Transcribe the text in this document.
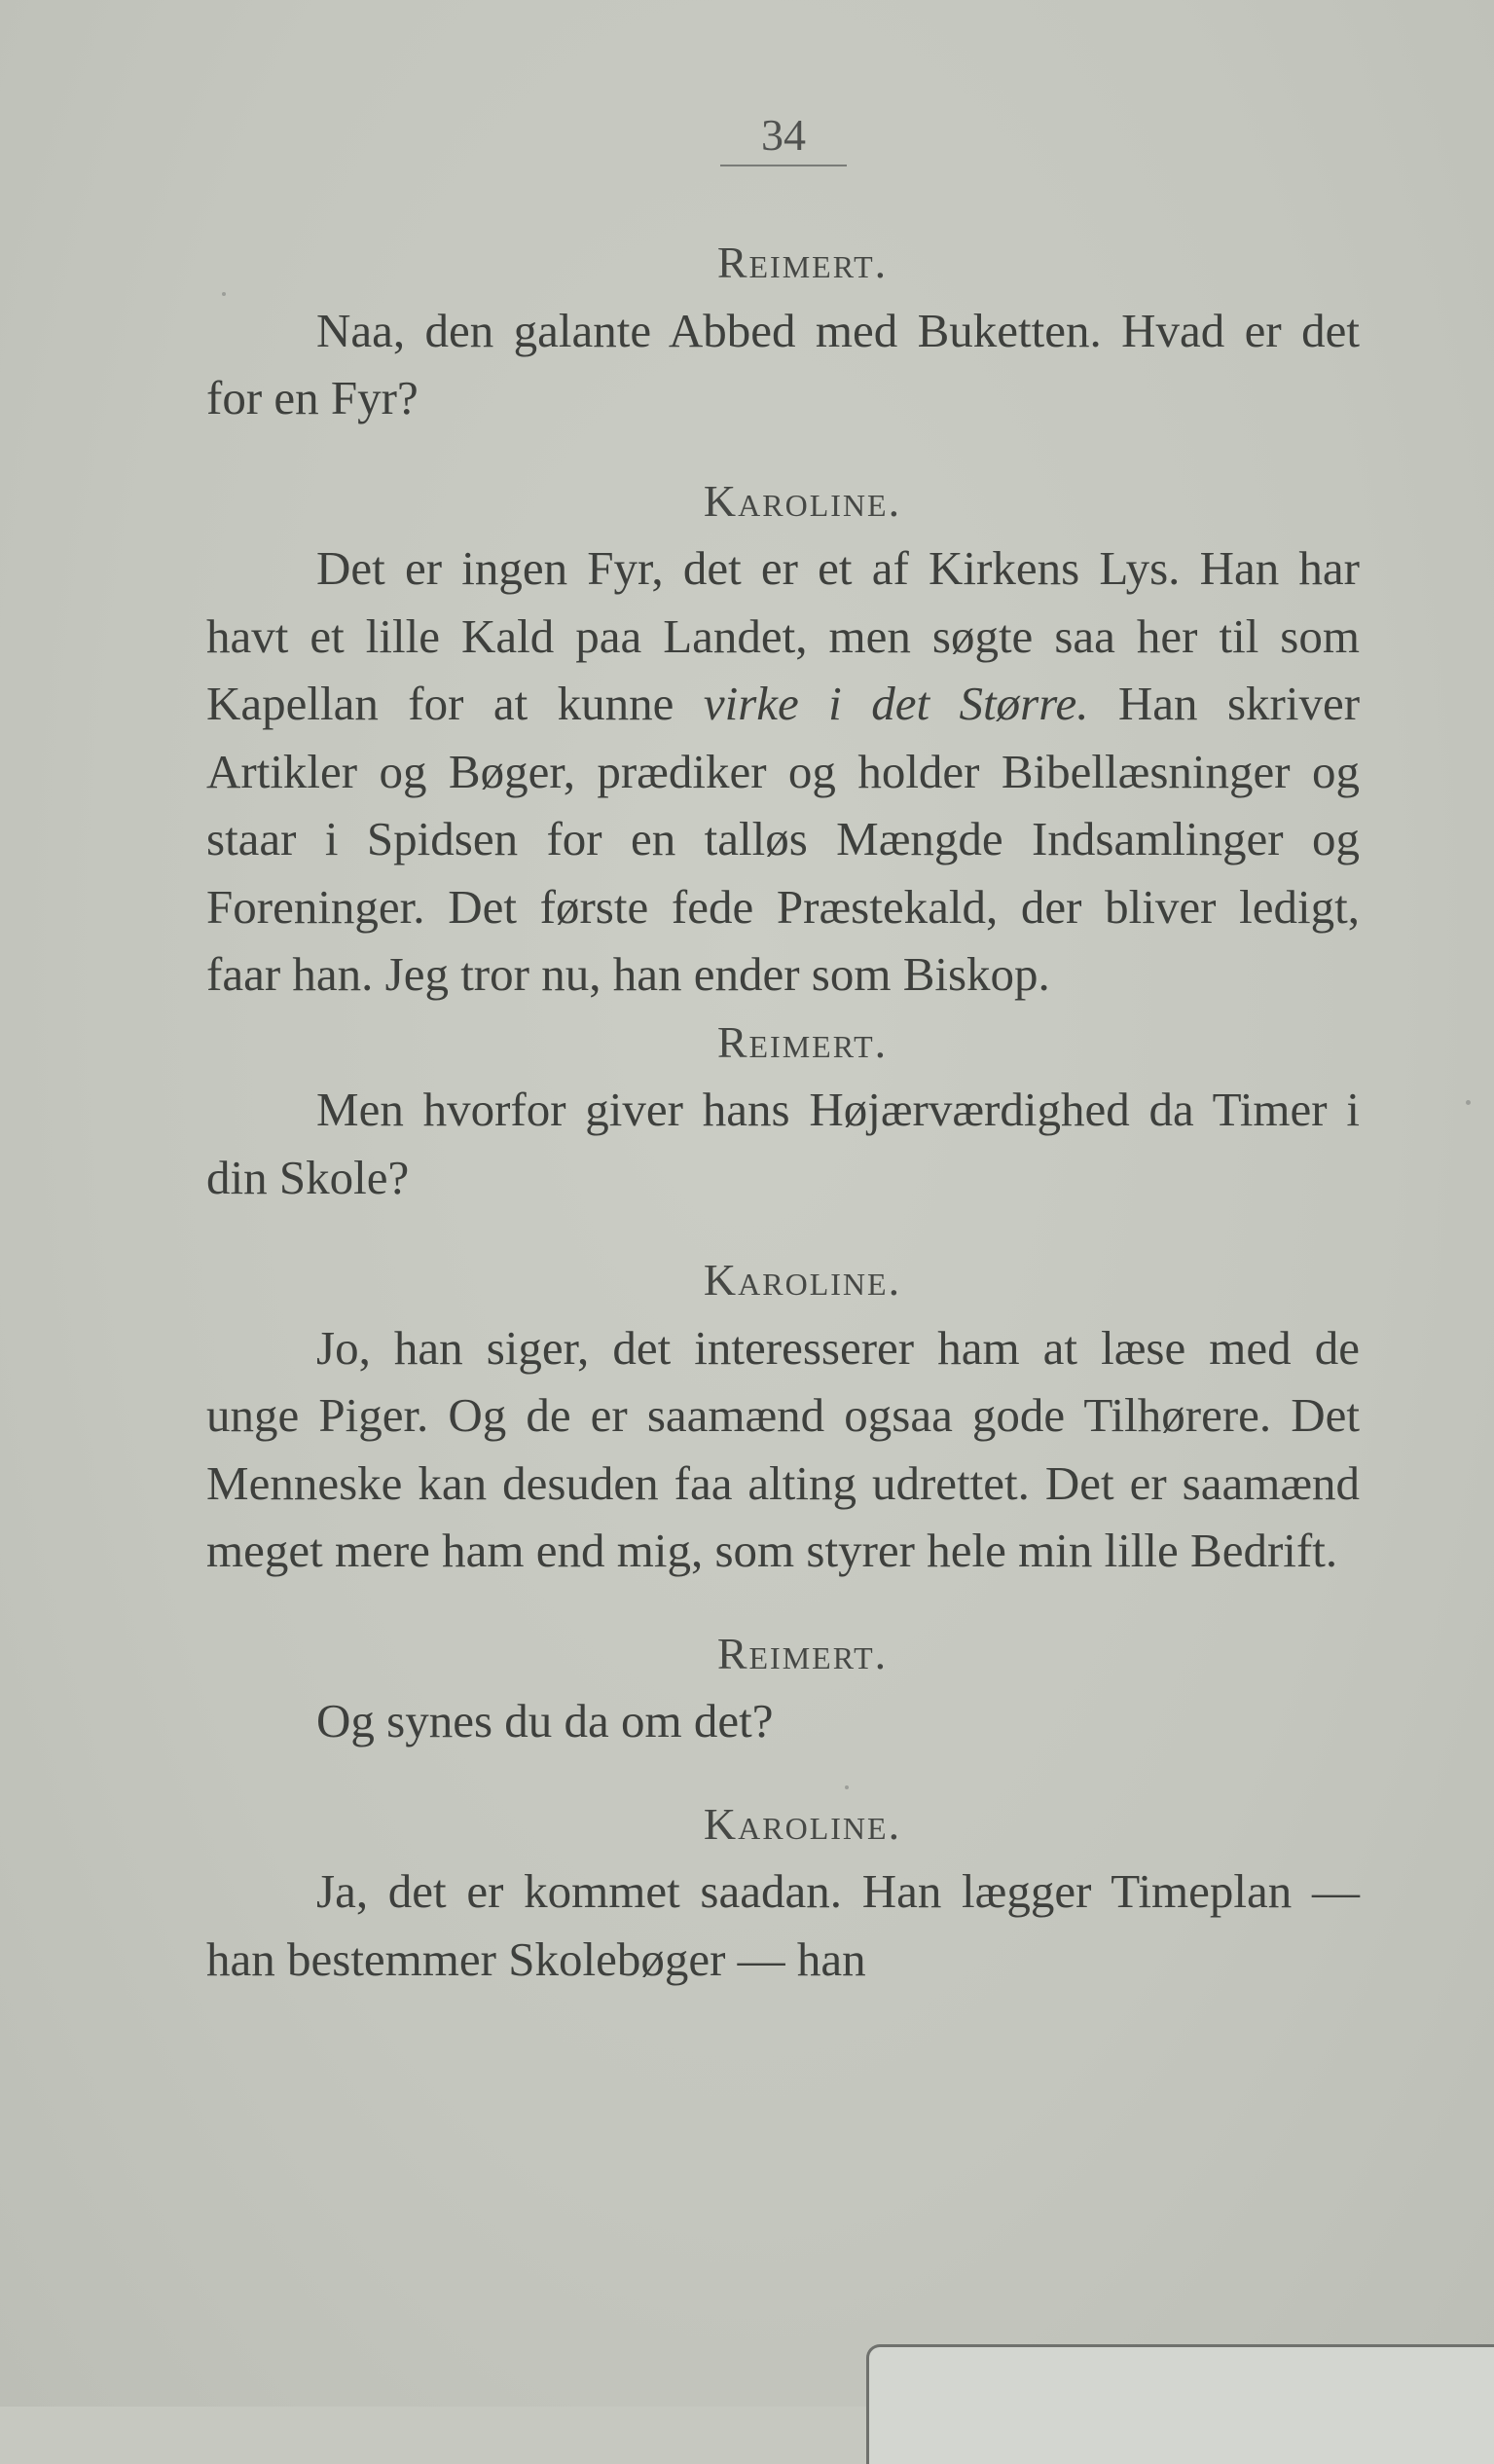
34
Reimert.

Naa, den galante Abbed med Buketten. Hvad er det for en Fyr?

Karoline.

Det er ingen Fyr, det er et af Kirkens Lys. Han har havt et lille Kald paa Landet, men søgte saa her til som Kapellan for at kunne virke i det Større. Han skriver Artikler og Bøger, prædiker og holder Bibellæsninger og staar i Spidsen for en talløs Mængde Indsamlinger og Foreninger. Det første fede Præstekald, der bliver ledigt, faar han. Jeg tror nu, han ender som Biskop.

Reimert.

Men hvorfor giver hans Højærværdighed da Timer i din Skole?

Karoline.

Jo, han siger, det interesserer ham at læse med de unge Piger. Og de er saamænd ogsaa gode Tilhørere. Det Menneske kan desuden faa alting udrettet. Det er saamænd meget mere ham end mig, som styrer hele min lille Bedrift.

Reimert.

Og synes du da om det?

Karoline.

Ja, det er kommet saadan. Han lægger Timeplan — han bestemmer Skolebøger — han
